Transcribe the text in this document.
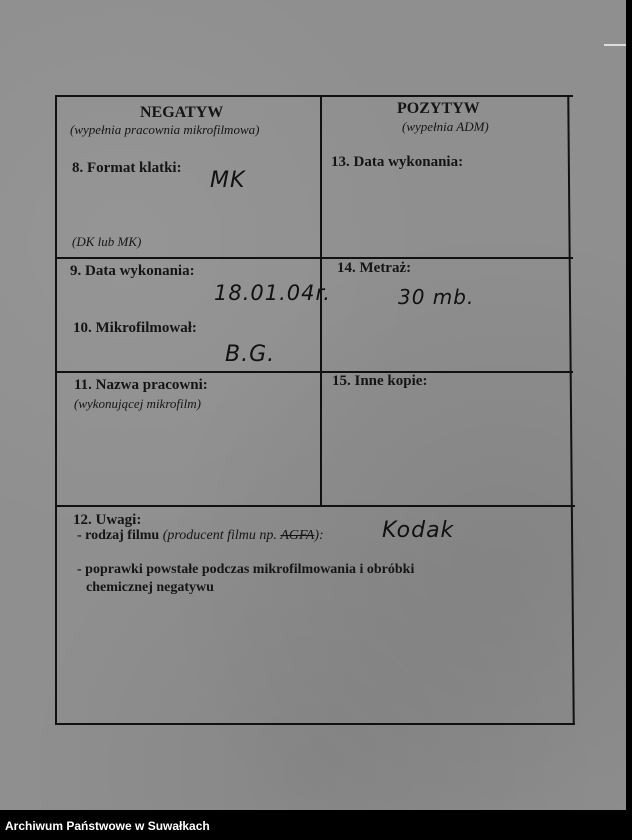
NEGATYW
(wypełnia pracownia mikrofilmowa)
POZYTYW
(wypełnia ADM)
8. Format klatki: MK
(DK lub MK)
13. Data wykonania:
9. Data wykonania:
18.01.04r.
14. Metraż:
30 mb.
10. Mikrofilmował:
B.G.
11. Nazwa pracowni:
(wykonującej mikrofilm)
15. Inne kopie:
12. Uwagi:
- rodzaj filmu (producent filmu np. AGFA):	Kodak
- poprawki powstałe podczas mikrofilmowania i obróbki
chemicznej negatywu
Archiwum Państwowe w Suwałkach
